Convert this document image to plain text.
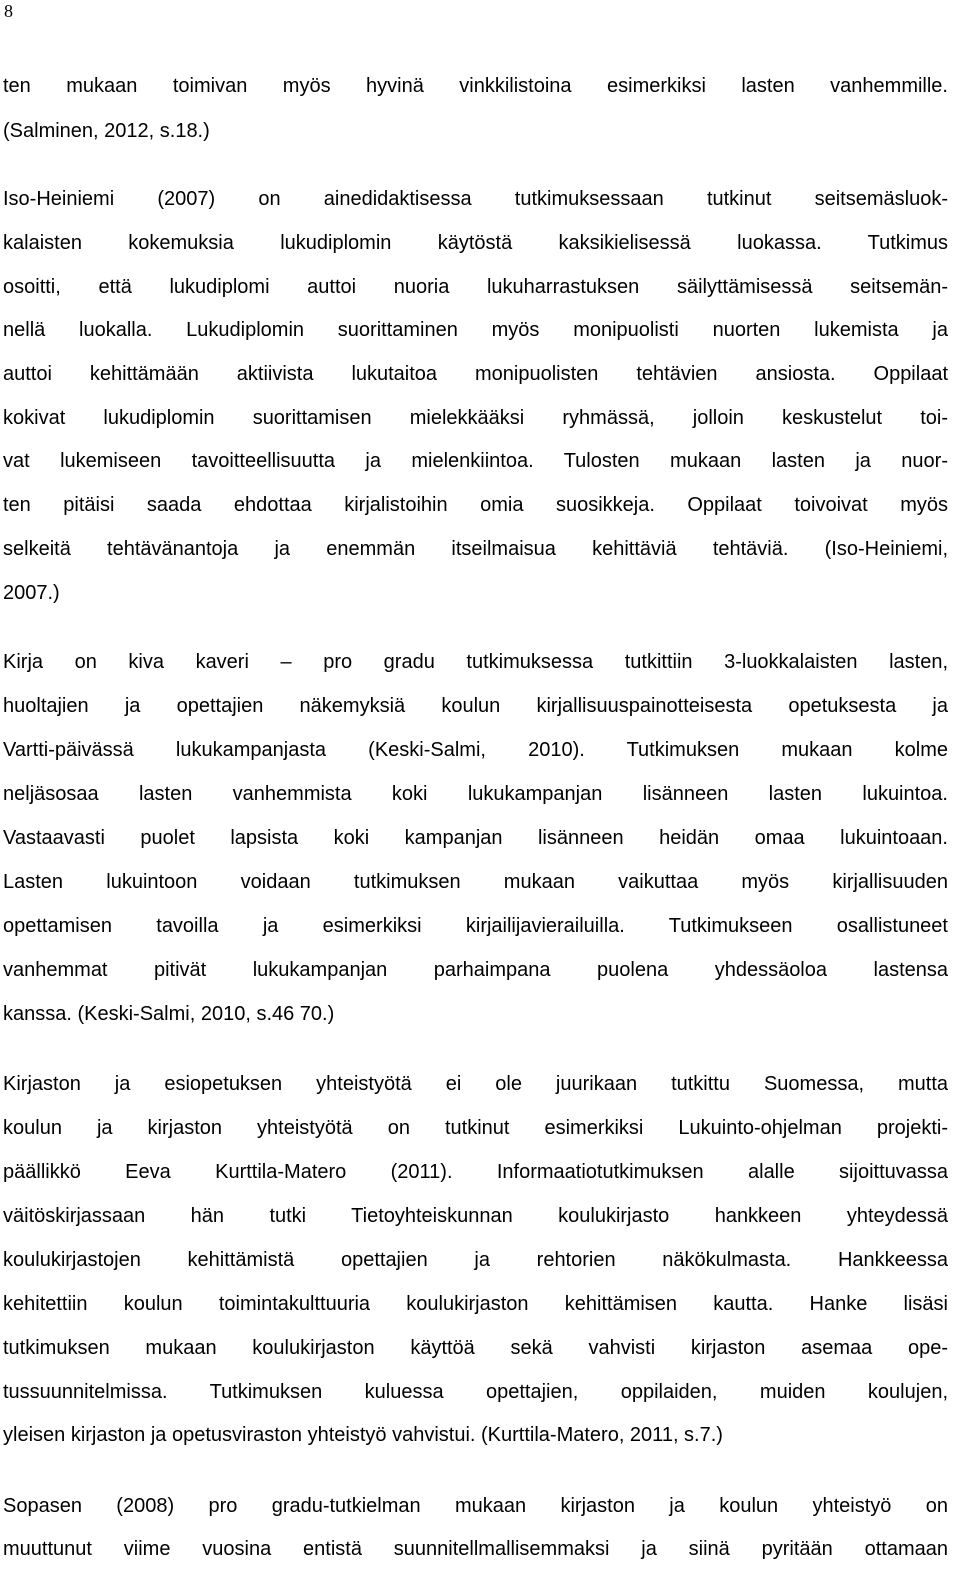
8
ten mukaan toimivan myös hyvinä vinkkilistoina esimerkiksi lasten vanhemmille.
(Salminen, 2012, s.18.)
Iso-Heiniemi (2007) on ainedidaktisessa tutkimuksessaan tutkinut seitsemäsluok-
kalaisten kokemuksia lukudiplomin käytöstä kaksikielisessä luokassa. Tutkimus
osoitti, että lukudiplomi auttoi nuoria lukuharrastuksen säilyttämisessä seitsemän-
nellä luokalla. Lukudiplomin suorittaminen myös monipuolisti nuorten lukemista ja
auttoi kehittämään aktiivista lukutaitoa monipuolisten tehtävien ansiosta. Oppilaat
kokivat lukudiplomin suorittamisen mielekkääksi ryhmässä, jolloin keskustelut toi-
vat lukemiseen tavoitteellisuutta ja mielenkiintoa. Tulosten mukaan lasten ja nuor-
ten pitäisi saada ehdottaa kirjalistoihin omia suosikkeja. Oppilaat toivoivat myös
selkeitä tehtävänantoja ja enemmän itseilmaisua kehittäviä tehtäviä. (Iso-Heiniemi,
2007.)
Kirja on kiva kaveri – pro gradu tutkimuksessa tutkittiin 3-luokkalaisten lasten,
huoltajien ja opettajien näkemyksiä koulun kirjallisuuspainotteisesta opetuksesta ja
Vartti-päivässä lukukampanjasta (Keski-Salmi, 2010). Tutkimuksen mukaan kolme
neljäsosaa lasten vanhemmista koki lukukampanjan lisänneen lasten lukuintoa.
Vastaavasti puolet lapsista koki kampanjan lisänneen heidän omaa lukuintoaan.
Lasten lukuintoon voidaan tutkimuksen mukaan vaikuttaa myös kirjallisuuden
opettamisen tavoilla ja esimerkiksi kirjailijavierailuilla. Tutkimukseen osallistuneet
vanhemmat pitivät lukukampanjan parhaimpana puolena yhdessäoloa lastensa
kanssa. (Keski-Salmi, 2010, s.46 70.)
Kirjaston ja esiopetuksen yhteistyötä ei ole juurikaan tutkittu Suomessa, mutta
koulun ja kirjaston yhteistyötä on tutkinut esimerkiksi Lukuinto-ohjelman projekti-
päällikkö Eeva Kurttila-Matero (2011). Informaatiotutkimuksen alalle sijoittuvassa
väitöskirjassaan hän tutki Tietoyhteiskunnan koulukirjasto hankkeen yhteydessä
koulukirjastojen kehittämistä opettajien ja rehtorien näkökulmasta. Hankkeessa
kehitettiin koulun toimintakulttuuria koulukirjaston kehittämisen kautta. Hanke lisäsi
tutkimuksen mukaan koulukirjaston käyttöä sekä vahvisti kirjaston asemaa ope-
tussuunnitelmissa. Tutkimuksen kuluessa opettajien, oppilaiden, muiden koulujen,
yleisen kirjaston ja opetusviraston yhteistyö vahvistui. (Kurttila-Matero, 2011, s.7.)
Sopasen (2008) pro gradu-tutkielman mukaan kirjaston ja koulun yhteistyö on
muuttunut viime vuosina entistä suunnitellmallisemmaksi ja siinä pyritään ottamaan
